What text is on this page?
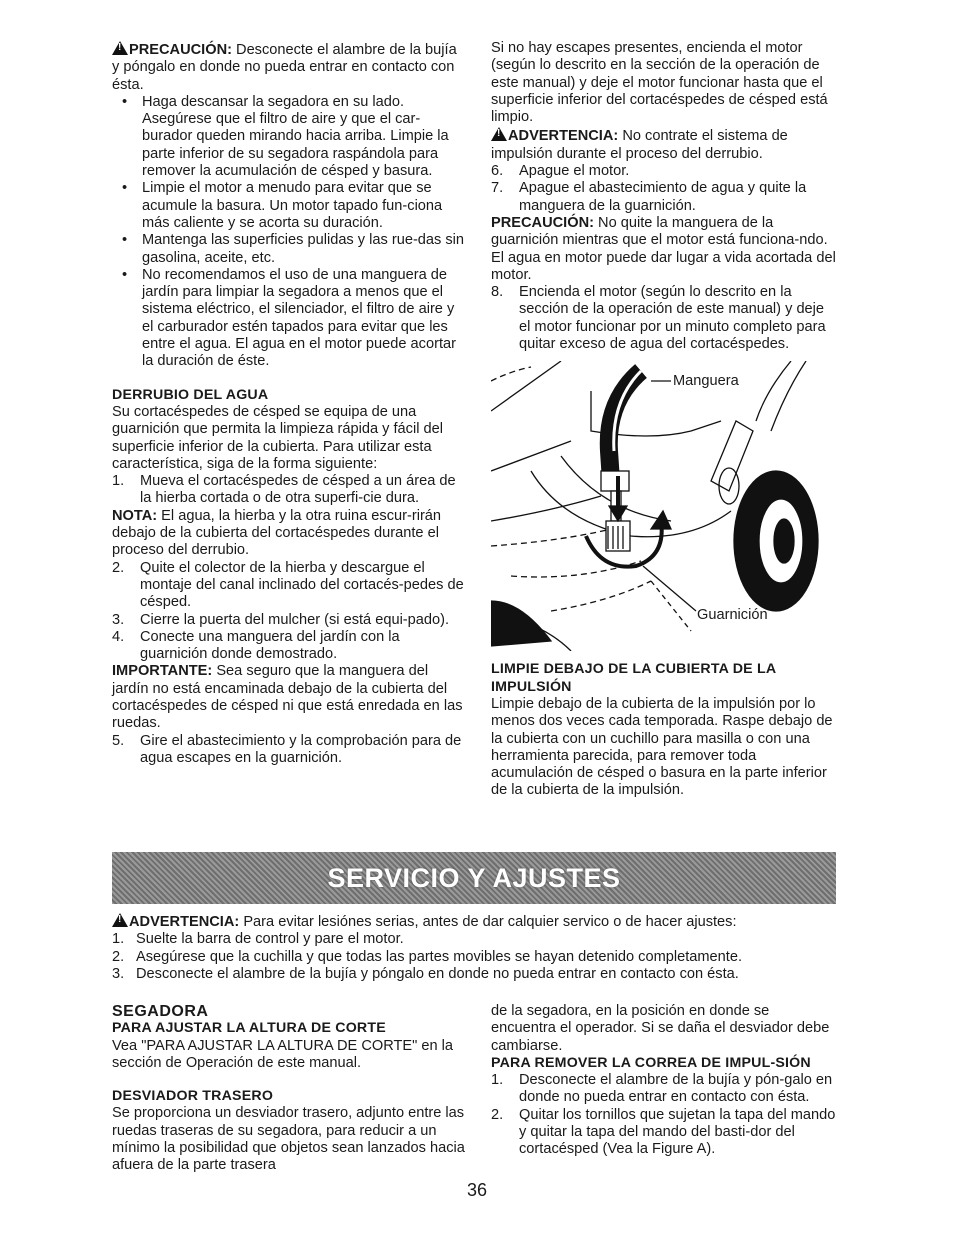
!PRECAUCIÓN: Desconecte el alambre de la bujía y póngalo en donde no pueda entrar en contacto con ésta.

• Haga descansar la segadora en su lado. Asegúrese que el filtro de aire y que el car-burador queden mirando hacia arriba. Limpie la parte inferior de su segadora raspándola para remover la acumulación de césped y basura.
• Limpie el motor a menudo para evitar que se acumule la basura. Un motor tapado fun-ciona más caliente y se acorta su duración.
• Mantenga las superficies pulidas y las rue-das sin gasolina, aceite, etc.
• No recomendamos el uso de una manguera de jardín para limpiar la segadora a menos que el sistema eléctrico, el silenciador, el filtro de aire y el carburador estén tapados para evitar que les entre el agua. El agua en el motor puede acortar la duración de éste.

DERRUBIO DEL AGUA

Su cortacéspedes de césped se equipa de una guarnición que permita la limpieza rápida y fácil del superficie inferior de la cubierta. Para utilizar esta característica, siga de la forma siguiente:

1. Mueva el cortacéspedes de césped a un área de la hierba cortada o de otra superfi-cie dura.

NOTA: El agua, la hierba y la otra ruina escur-rirán debajo de la cubierta del cortacéspedes durante el proceso del derrubio.

2. Quite el colector de la hierba y descargue el montaje del canal inclinado del cortacés-pedes de césped.
3. Cierre la puerta del mulcher (si está equi-pado).
4. Conecte una manguera del jardín con la guarnición donde demostrado.

IMPORTANTE: Sea seguro que la manguera del jardín no está encaminada debajo de la cubierta del cortacéspedes de césped ni que está enredada en las ruedas.

5. Gire el abastecimiento y la comprobación para de agua escapes en la guarnición.

Si no hay escapes presentes, encienda el motor (según lo descrito en la sección de la operación de este manual) y deje el motor funcionar hasta que el superficie inferior del cortacéspedes de césped está limpio.

!ADVERTENCIA: No contrate el sistema de impulsión durante el proceso del derrubio.

6. Apague el motor.
7. Apague el abastecimiento de agua y quite la manguera de la guarnición.

PRECAUCIÓN: No quite la manguera de la guarnición mientras que el motor está funciona-ndo. El agua en motor puede dar lugar a vida acortada del motor.

8. Encienda el motor (según lo descrito en la sección de la operación de este manual) y deje el motor funcionar por un minuto completo para quitar exceso de agua del cortacéspedes.
Manguera
Guarnición

LIMPIE DEBAJO DE LA CUBIERTA DE LA IMPULSIÓN

Limpie debajo de la cubierta de la impulsión por lo menos dos veces cada temporada. Raspe debajo de la cubierta con un cuchillo para masilla o con una herramienta parecida, para remover toda acumulación de césped o basura en la parte inferior de la cubierta de la impulsión.

SERVICIO Y AJUSTES

!ADVERTENCIA: Para evitar lesiónes serias, antes de dar calquier servico o de hacer ajustes:

1. Suelte la barra de control y pare el motor.
2. Asegúrese que la cuchilla y que todas las partes movibles se hayan detenido completamente.
3. Desconecte el alambre de la bujía y póngalo en donde no pueda entrar en contacto con ésta.

SEGADORA

PARA AJUSTAR LA ALTURA DE CORTE

Vea "PARA AJUSTAR LA ALTURA DE CORTE" en la sección de Operación de este manual.

DESVIADOR TRASERO

Se proporciona un desviador trasero, adjunto entre las ruedas traseras de su segadora, para reducir a un mínimo la posibilidad que objetos sean lanzados hacia afuera de la parte trasera

de la segadora, en la posición en donde se encuentra el operador. Si se daña el desviador debe cambiarse.

PARA REMOVER LA CORREA DE IMPUL-SIÓN

1. Desconecte el alambre de la bujía y pón-galo en donde no pueda entrar en contacto con ésta.
2. Quitar los tornillos que sujetan la tapa del mando y quitar la tapa del mando del basti-dor del cortacésped (Vea la Figure A).
36
